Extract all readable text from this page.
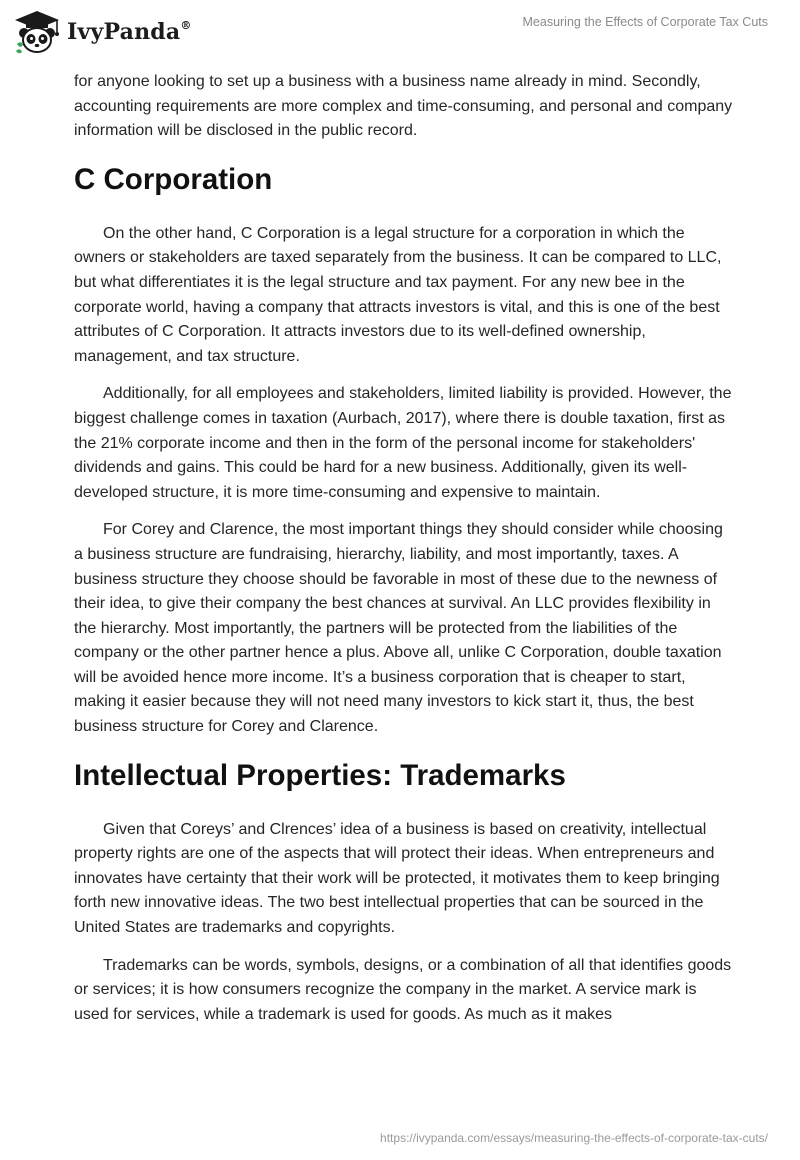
IvyPanda®	Measuring the Effects of Corporate Tax Cuts

for anyone looking to set up a business with a business name already in mind. Secondly, accounting requirements are more complex and time-consuming, and personal and company information will be disclosed in the public record.

C Corporation

On the other hand, C Corporation is a legal structure for a corporation in which the owners or stakeholders are taxed separately from the business. It can be compared to LLC, but what differentiates it is the legal structure and tax payment. For any new bee in the corporate world, having a company that attracts investors is vital, and this is one of the best attributes of C Corporation. It attracts investors due to its well-defined ownership, management, and tax structure.

Additionally, for all employees and stakeholders, limited liability is provided. However, the biggest challenge comes in taxation (Aurbach, 2017), where there is double taxation, first as the 21% corporate income and then in the form of the personal income for stakeholders' dividends and gains. This could be hard for a new business. Additionally, given its well-developed structure, it is more time-consuming and expensive to maintain.

For Corey and Clarence, the most important things they should consider while choosing a business structure are fundraising, hierarchy, liability, and most importantly, taxes. A business structure they choose should be favorable in most of these due to the newness of their idea, to give their company the best chances at survival. An LLC provides flexibility in the hierarchy. Most importantly, the partners will be protected from the liabilities of the company or the other partner hence a plus. Above all, unlike C Corporation, double taxation will be avoided hence more income. It’s a business corporation that is cheaper to start, making it easier because they will not need many investors to kick start it, thus, the best business structure for Corey and Clarence.

Intellectual Properties: Trademarks

Given that Coreys’ and Clrences’ idea of a business is based on creativity, intellectual property rights are one of the aspects that will protect their ideas. When entrepreneurs and innovates have certainty that their work will be protected, it motivates them to keep bringing forth new innovative ideas. The two best intellectual properties that can be sourced in the United States are trademarks and copyrights.

Trademarks can be words, symbols, designs, or a combination of all that identifies goods or services; it is how consumers recognize the company in the market. A service mark is used for services, while a trademark is used for goods. As much as it makes

https://ivypanda.com/essays/measuring-the-effects-of-corporate-tax-cuts/
